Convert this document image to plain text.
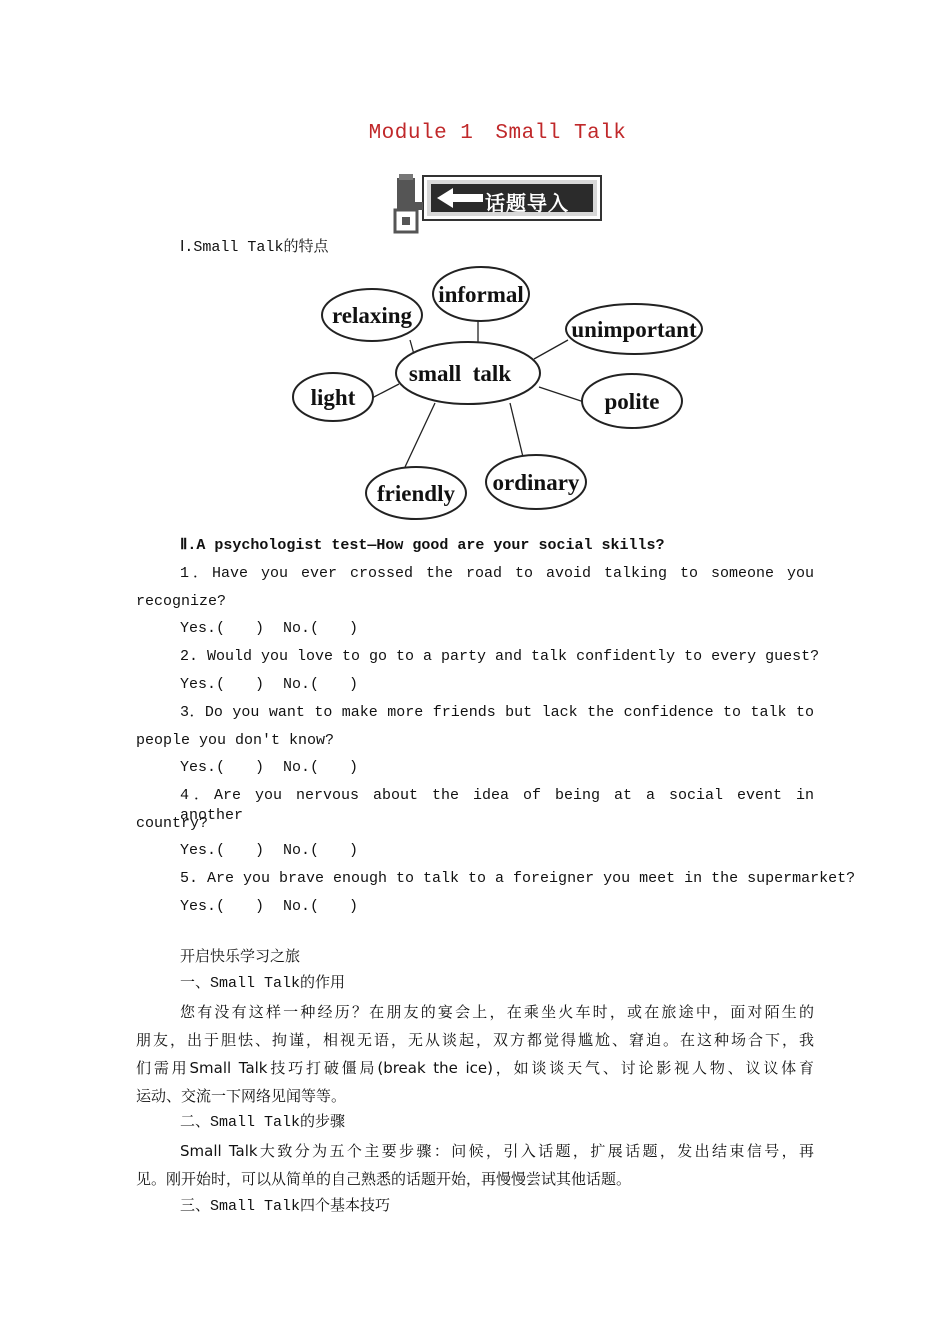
Module 1 Small Talk
话题导入
Ⅰ.Small Talk的特点
relaxing
informal
unimportant
small  talk
light	polite
friendly ordinary
Ⅱ.A psychologist test—How good are your social skills?
1．Have you ever crossed the road to avoid talking to someone you
recognize?
Yes.(　　) No.(　　)
2. Would you love to go to a party and talk confidently to every guest?
Yes.(　　) No.(　　)
3．Do you want to make more friends but lack the confidence to talk to
people you don′t know?
Yes.(　　) No.(　　)
4．Are you nervous about the idea of being at a social event in another
country?
Yes.(　　) No.(　　)
5. Are you brave enough to talk to a foreigner you meet in the supermarket?
Yes.(　　) No.(　　)
开启快乐学习之旅
一、Small Talk的作用
您有没有这样一种经历？在朋友的宴会上，在乘坐火车时，或在旅途中，面对陌生的
朋友，出于胆怯、拘谨，相视无语，无从谈起，双方都觉得尴尬、窘迫。在这种场合下，我
们需用Small Talk技巧打破僵局(break the ice)，如谈谈天气、讨论影视人物、议议体育
运动、交流一下网络见闻等等。
二、Small Talk的步骤
Small Talk大致分为五个主要步骤：问候，引入话题，扩展话题，发出结束信号，再
见。刚开始时，可以从简单的自己熟悉的话题开始，再慢慢尝试其他话题。
三、Small Talk四个基本技巧
